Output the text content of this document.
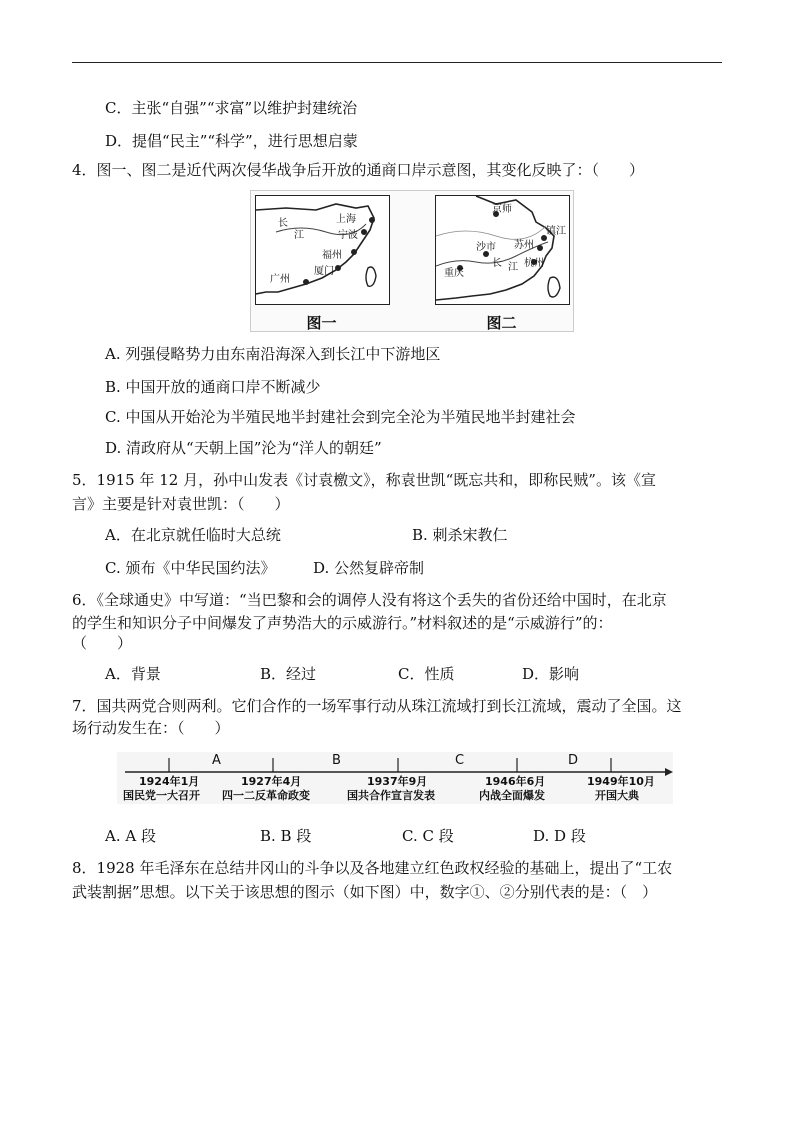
C．主张“自强”“求富”以维护封建统治
D．提倡“民主”“科学”，进行思想启蒙
4．图一、图二是近代两次侵华战争后开放的通商口岸示意图，其变化反映了：（　　）
长
江
上海
宁波
福州
厦门
广州
图一
京师
镇江
沙市 苏州
重庆
长 江 杭州
图二
A. 列强侵略势力由东南沿海深入到长江中下游地区
B. 中国开放的通商口岸不断减少
C. 中国从开始沦为半殖民地半封建社会到完全沦为半殖民地半封建社会
D. 清政府从“天朝上国”沦为“洋人的朝廷”
5．1915 年 12 月，孙中山发表《讨袁檄文》，称袁世凯“既忘共和，即称民贼”。该《宣
言》主要是针对袁世凯：（　　）
A．在北京就任临时大总统	B. 刺杀宋教仁
C. 颁布《中华民国约法》	D. 公然复辟帝制
6．《全球通史》中写道：“当巴黎和会的调停人没有将这个丢失的省份还给中国时，在北京
的学生和知识分子中间爆发了声势浩大的示威游行。”材料叙述的是“示威游行”的：
（　　）
A．背景	B．经过	C．性质	D．影响
7．国共两党合则两利。它们合作的一场军事行动从珠江流域打到长江流域，震动了全国。这
场行动发生在：（　　）
A	B	C	D
1924年1月	1927年4月	1937年9月	1946年6月	1949年10月
国民党一大召开 四一二反革命政变	国共合作宣言发表	内战全面爆发	开国大典
A. A 段	B. B 段	C. C 段	D. D 段
8．1928 年毛泽东在总结井冈山的斗争以及各地建立红色政权经验的基础上，提出了“工农
武装割据”思想。以下关于该思想的图示（如下图）中，数字①、②分别代表的是：（　）
